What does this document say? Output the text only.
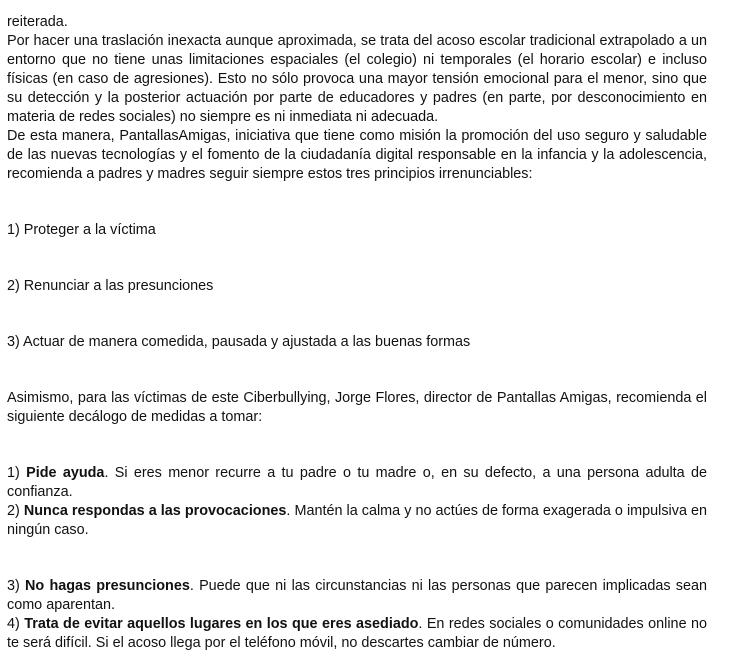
reiterada.
Por hacer una traslación inexacta aunque aproximada, se trata del acoso escolar tradicional extrapolado a un
entorno que no tiene unas limitaciones espaciales (el colegio) ni temporales (el horario escolar) e incluso
físicas (en caso de agresiones). Esto no sólo provoca una mayor tensión emocional para el menor, sino que
su detección y la posterior actuación por parte de educadores y padres (en parte, por desconocimiento en
materia de redes sociales) no siempre es ni inmediata ni adecuada.
De esta manera, PantallasAmigas, iniciativa que tiene como misión la promoción del uso seguro y saludable
de las nuevas tecnologías y el fomento de la ciudadanía digital responsable en la infancia y la adolescencia,
recomienda a padres y madres seguir siempre estos tres principios irrenunciables:
1) Proteger a la víctima
2) Renunciar a las presunciones
3) Actuar de manera comedida, pausada y ajustada a las buenas formas
Asimismo, para las víctimas de este Ciberbullying, Jorge Flores, director de Pantallas Amigas, recomienda el
siguiente decálogo de medidas a tomar:
1) Pide ayuda. Si eres menor recurre a tu padre o tu madre o, en su defecto, a una persona adulta de
confianza.
2) Nunca respondas a las provocaciones. Mantén la calma y no actúes de forma exagerada o impulsiva en
ningún caso.
3) No hagas presunciones. Puede que ni las circunstancias ni las personas que parecen implicadas sean
como aparentan.
4) Trata de evitar aquellos lugares en los que eres asediado. En redes sociales o comunidades online no
te será difícil. Si el acoso llega por el teléfono móvil, no descartes cambiar de número.
